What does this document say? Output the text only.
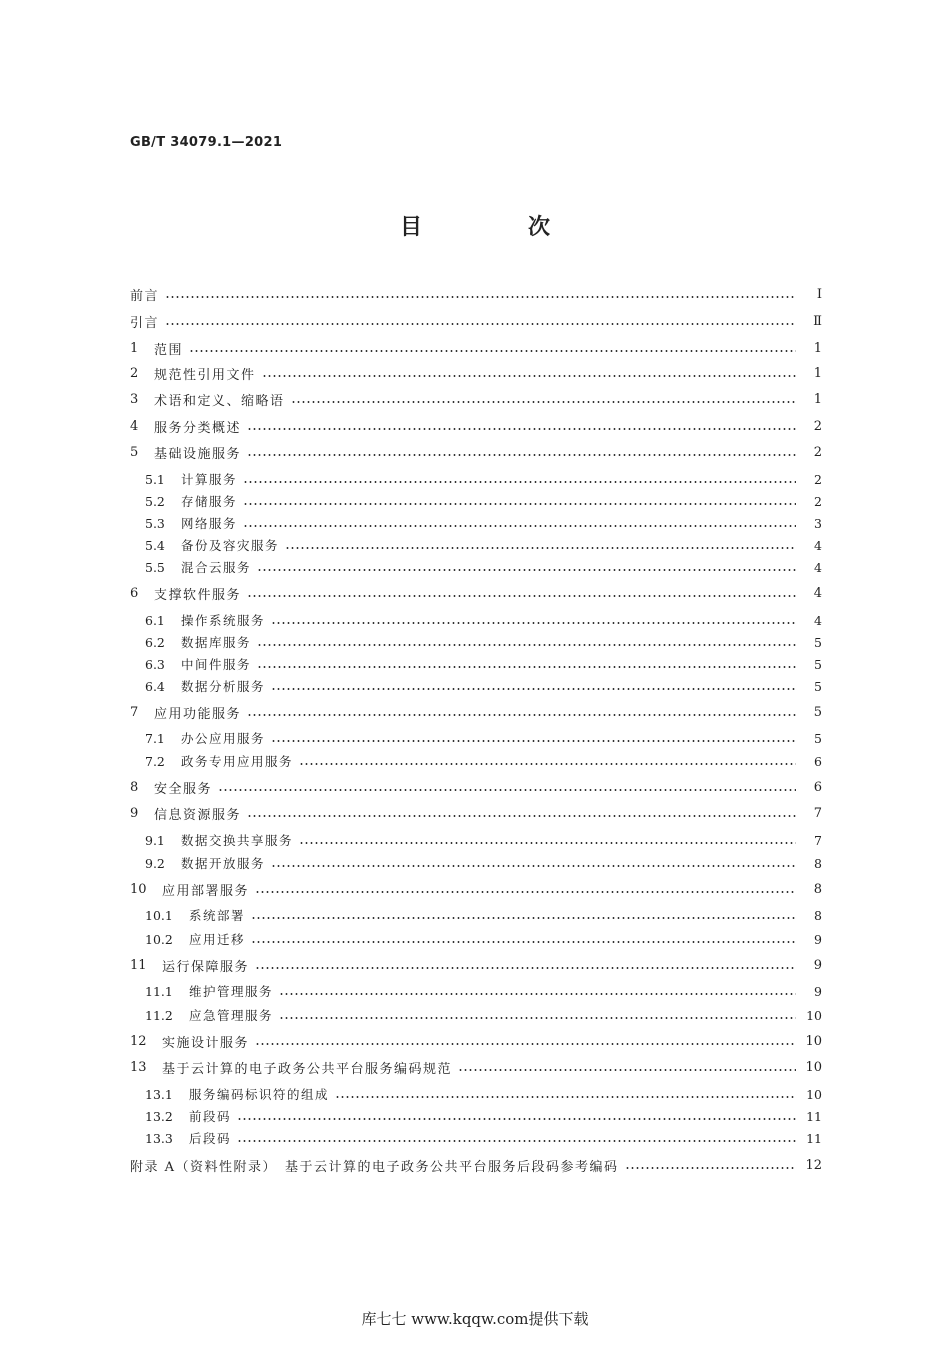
GB/T 34079.1—2021
目　次
前言	Ⅰ
引言	Ⅱ
1	范围	1
2	规范性引用文件	1
3	术语和定义、缩略语	1
4	服务分类概述	2
5	基础设施服务	2
5.1	计算服务	2
5.2	存储服务	2
5.3	网络服务	3
5.4	备份及容灾服务	4
5.5	混合云服务	4
6	支撑软件服务	4
6.1	操作系统服务	4
6.2	数据库服务	5
6.3	中间件服务	5
6.4	数据分析服务	5
7	应用功能服务	5
7.1	办公应用服务	5
7.2	政务专用应用服务	6
8	安全服务	6
9	信息资源服务	7
9.1	数据交换共享服务	7
9.2	数据开放服务	8
10	应用部署服务	8
10.1	系统部署	8
10.2	应用迁移	9
11	运行保障服务	9
11.1	维护管理服务	9
11.2	应急管理服务	10
12	实施设计服务	10
13	基于云计算的电子政务公共平台服务编码规范	10
13.1	服务编码标识符的组成	10
13.2	前段码	11
13.3	后段码	11
附录 A（资料性附录）　基于云计算的电子政务公共平台服务后段码参考编码	12
库七七 www.kqqw.com提供下载
